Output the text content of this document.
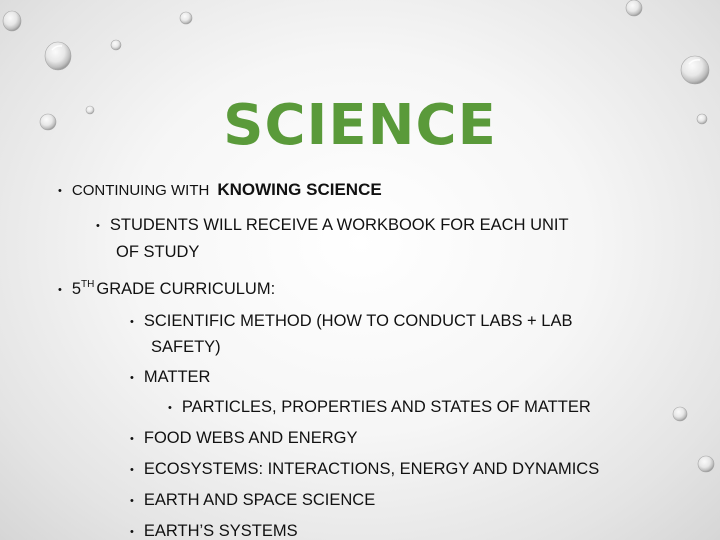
SCIENCE
• CONTINUING WITH KNOWING SCIENCE
• STUDENTS WILL RECEIVE A WORKBOOK FOR EACH UNIT
OF STUDY
• 5TH GRADE CURRICULUM:
• SCIENTIFIC METHOD (HOW TO CONDUCT LABS + LAB
SAFETY)
• MATTER
• PARTICLES, PROPERTIES AND STATES OF MATTER
• FOOD WEBS AND ENERGY
• ECOSYSTEMS: INTERACTIONS, ENERGY AND DYNAMICS
• EARTH AND SPACE SCIENCE
• EARTH’S SYSTEMS
